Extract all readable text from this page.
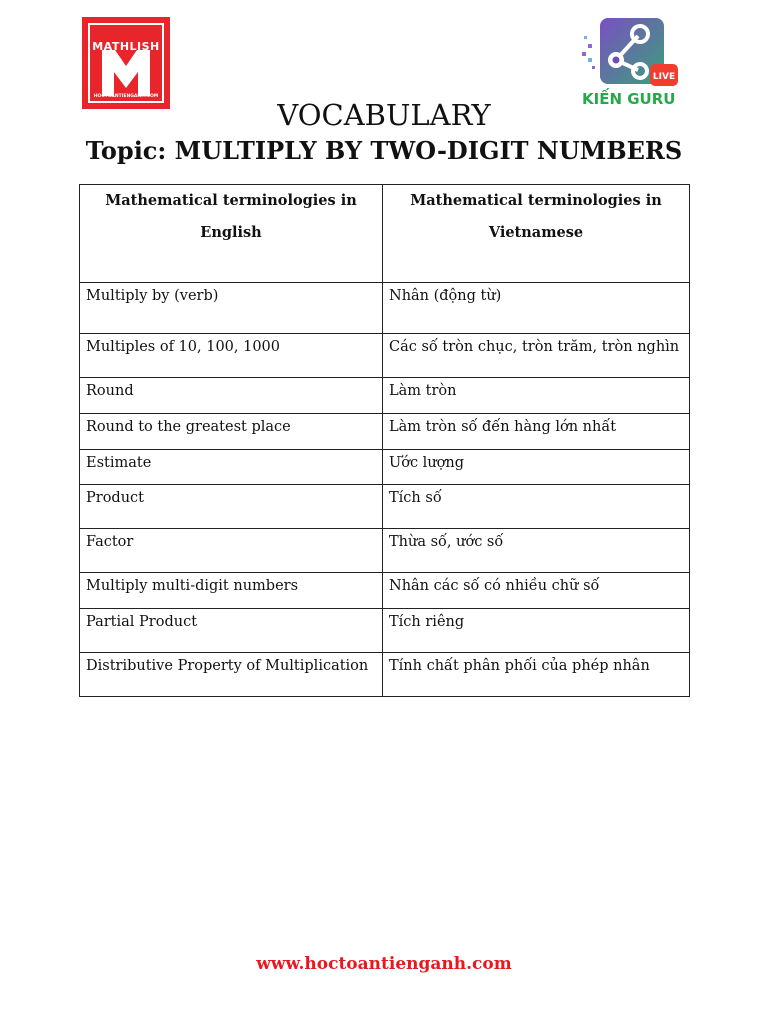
MATHLISH
HOCTOANTIENGANH.COM
LIVE
KIẾN GURU
VOCABULARY
Topic: MULTIPLY BY TWO-DIGIT NUMBERS
Mathematical terminologies in English	Mathematical terminologies in Vietnamese
Multiply by (verb)	Nhân (động từ)
Multiples of 10, 100, 1000	Các số tròn chục, tròn trăm, tròn nghìn
Round	Làm tròn
Round to the greatest place	Làm tròn số đến hàng lớn nhất
Estimate	Ước lượng
Product	Tích số
Factor	Thừa số, ước số
Multiply multi-digit numbers	Nhân các số có nhiều chữ số
Partial Product	Tích riêng
Distributive Property of Multiplication	Tính chất phân phối của phép nhân
www.hoctoantienganh.com
